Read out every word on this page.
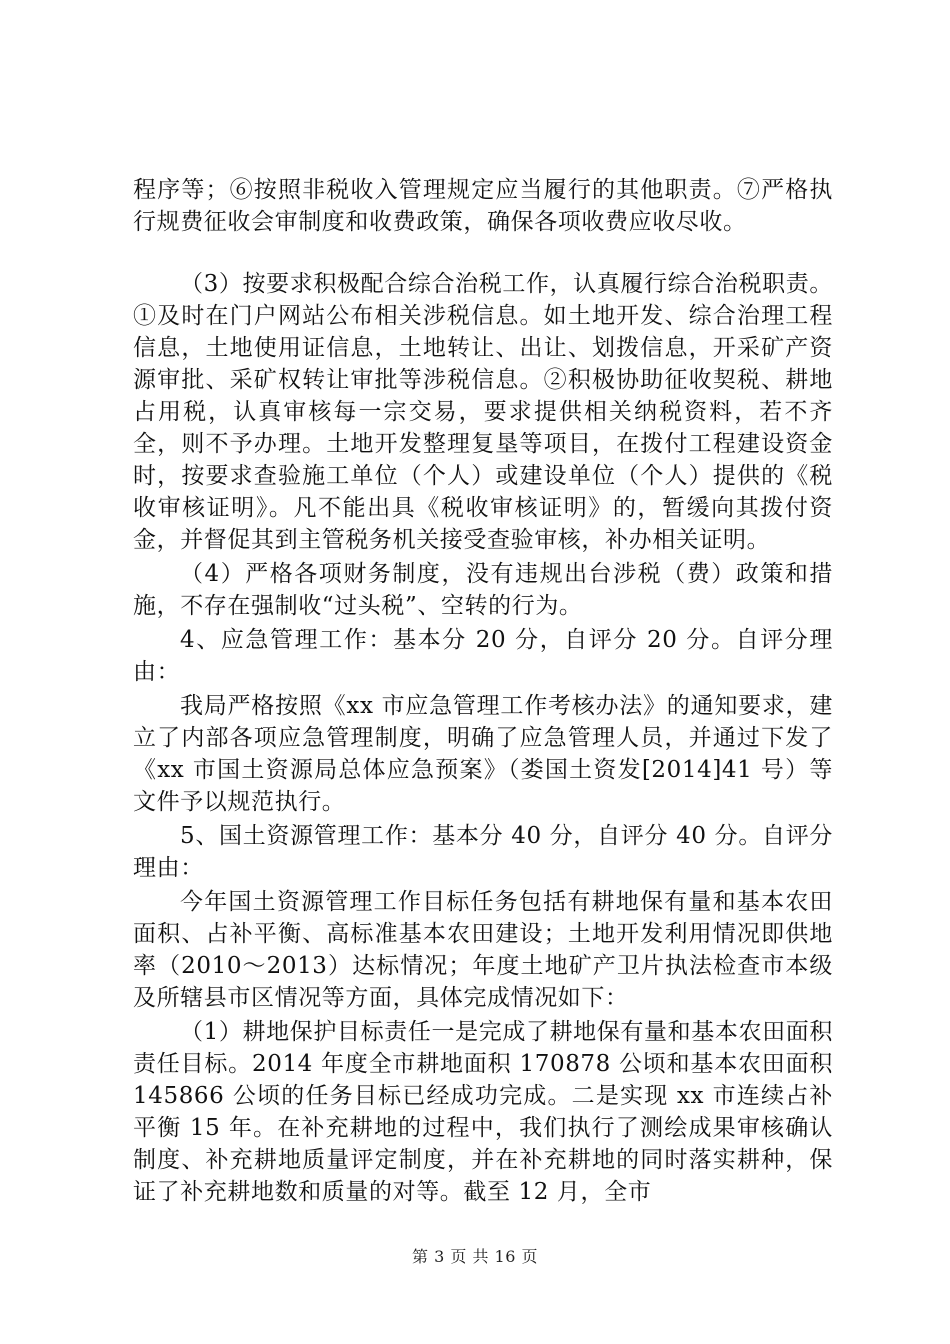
程序等；⑥按照非税收入管理规定应当履行的其他职责。⑦严格执行规费征收会审制度和收费政策，确保各项收费应收尽收。

（3）按要求积极配合综合治税工作，认真履行综合治税职责。①及时在门户网站公布相关涉税信息。如土地开发、综合治理工程信息，土地使用证信息，土地转让、出让、划拨信息，开采矿产资源审批、采矿权转让审批等涉税信息。②积极协助征收契税、耕地占用税，认真审核每一宗交易，要求提供相关纳税资料，若不齐全，则不予办理。土地开发整理复垦等项目，在拨付工程建设资金时，按要求查验施工单位（个人）或建设单位（个人）提供的《税收审核证明》。凡不能出具《税收审核证明》的，暂缓向其拨付资金，并督促其到主管税务机关接受查验审核，补办相关证明。

（4）严格各项财务制度，没有违规出台涉税（费）政策和措施，不存在强制收“过头税”、空转的行为。

4、应急管理工作：基本分 20 分，自评分 20 分。自评分理由：

我局严格按照《xx 市应急管理工作考核办法》的通知要求，建立了内部各项应急管理制度，明确了应急管理人员，并通过下发了《xx 市国土资源局总体应急预案》（娄国土资发[2014]41 号）等文件予以规范执行。

5、国土资源管理工作：基本分 40 分，自评分 40 分。自评分理由：

今年国土资源管理工作目标任务包括有耕地保有量和基本农田面积、占补平衡、高标准基本农田建设；土地开发利用情况即供地率（2010～2013）达标情况；年度土地矿产卫片执法检查市本级及所辖县市区情况等方面，具体完成情况如下：

（1）耕地保护目标责任一是完成了耕地保有量和基本农田面积责任目标。2014 年度全市耕地面积 170878 公顷和基本农田面积 145866 公顷的任务目标已经成功完成。二是实现 xx 市连续占补平衡 15 年。在补充耕地的过程中，我们执行了测绘成果审核确认制度、补充耕地质量评定制度，并在补充耕地的同时落实耕种，保证了补充耕地数和质量的对等。截至 12 月，全市

第 3 页 共 16 页
